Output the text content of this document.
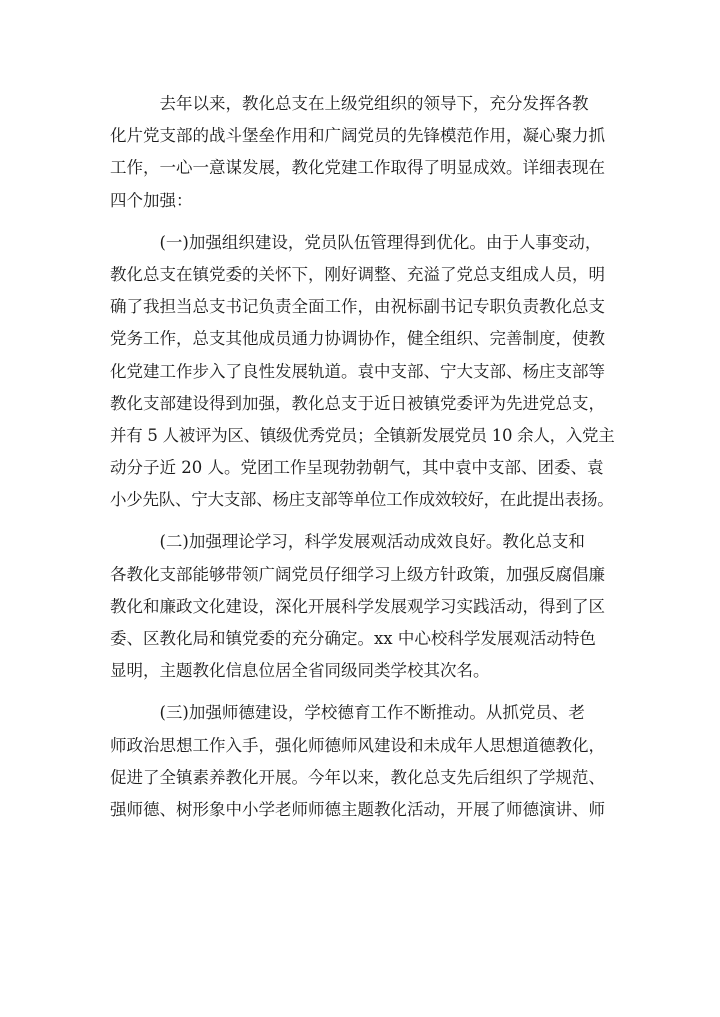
　　　去年以来，教化总支在上级党组织的领导下，充分发挥各教
化片党支部的战斗堡垒作用和广阔党员的先锋模范作用，凝心聚力抓
工作，一心一意谋发展，教化党建工作取得了明显成效。详细表现在
四个加强：
　　　(一)加强组织建设，党员队伍管理得到优化。由于人事变动，
教化总支在镇党委的关怀下，刚好调整、充溢了党总支组成人员，明
确了我担当总支书记负责全面工作，由祝标副书记专职负责教化总支
党务工作，总支其他成员通力协调协作，健全组织、完善制度，使教
化党建工作步入了良性发展轨道。袁中支部、宁大支部、杨庄支部等
教化支部建设得到加强，教化总支于近日被镇党委评为先进党总支，
并有 5 人被评为区、镇级优秀党员；全镇新发展党员 10 余人，入党主
动分子近 20 人。党团工作呈现勃勃朝气，其中袁中支部、团委、袁
小少先队、宁大支部、杨庄支部等单位工作成效较好，在此提出表扬。
　　　(二)加强理论学习，科学发展观活动成效良好。教化总支和
各教化支部能够带领广阔党员仔细学习上级方针政策，加强反腐倡廉
教化和廉政文化建设，深化开展科学发展观学习实践活动，得到了区
委、区教化局和镇党委的充分确定。xx 中心校科学发展观活动特色
显明，主题教化信息位居全省同级同类学校其次名。
　　　(三)加强师德建设，学校德育工作不断推动。从抓党员、老
师政治思想工作入手，强化师德师风建设和未成年人思想道德教化，
促进了全镇素养教化开展。今年以来，教化总支先后组织了学规范、
强师德、树形象中小学老师师德主题教化活动，开展了师德演讲、师
